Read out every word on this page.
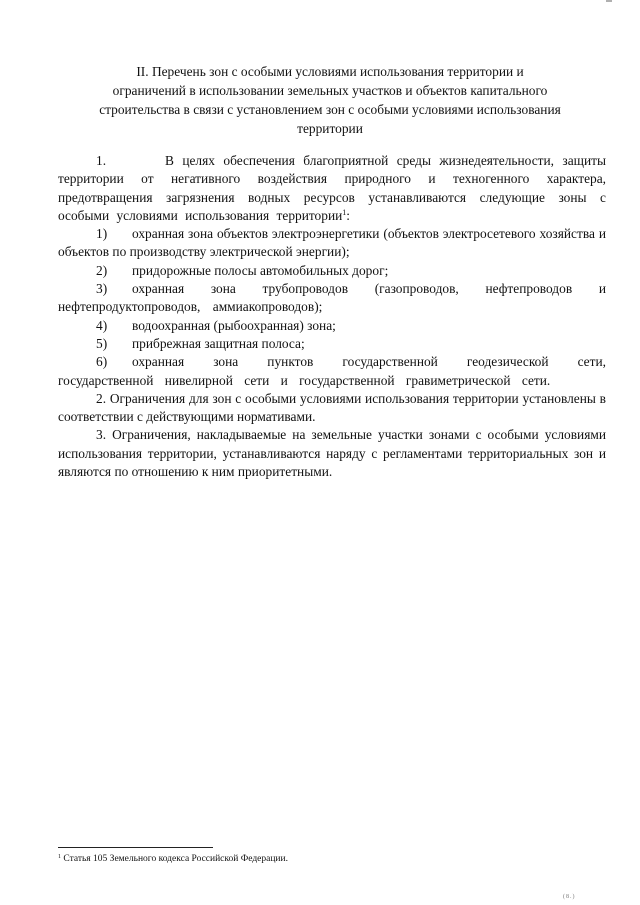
II. Перечень зон с особыми условиями использования территории и
ограничений в использовании земельных участков и объектов капитального
строительства в связи с установлением зон с особыми условиями использования
территории

1.	В целях обеспечения благоприятной среды жизнедеятельности, защиты территории от негативного воздействия природного и техногенного характера, предотвращения загрязнения водных ресурсов устанавливаются следующие зоны с особыми условиями использования территории$^1$:

1) охранная зона объектов электроэнергетики (объектов электросетевого хозяйства и объектов по производству электрической энергии);

2) придорожные полосы автомобильных дорог;

3) охранная зона трубопроводов (газопроводов, нефтепроводов и нефтепродуктопроводов, аммиакопроводов);

4) водоохранная (рыбоохранная) зона;

5) прибрежная защитная полоса;

6) охранная зона пунктов государственной геодезической сети, государственной нивелирной сети и государственной гравиметрической сети.

2. Ограничения для зон с особыми условиями использования территории установлены в соответствии с действующими нормативами.

3. Ограничения, накладываемые на земельные участки зонами с особыми условиями использования территории, устанавливаются наряду с регламентами территориальных зон и являются по отношению к ним приоритетными.

$^1$ Статья 105 Земельного кодекса Российской Федерации.

(8.)
